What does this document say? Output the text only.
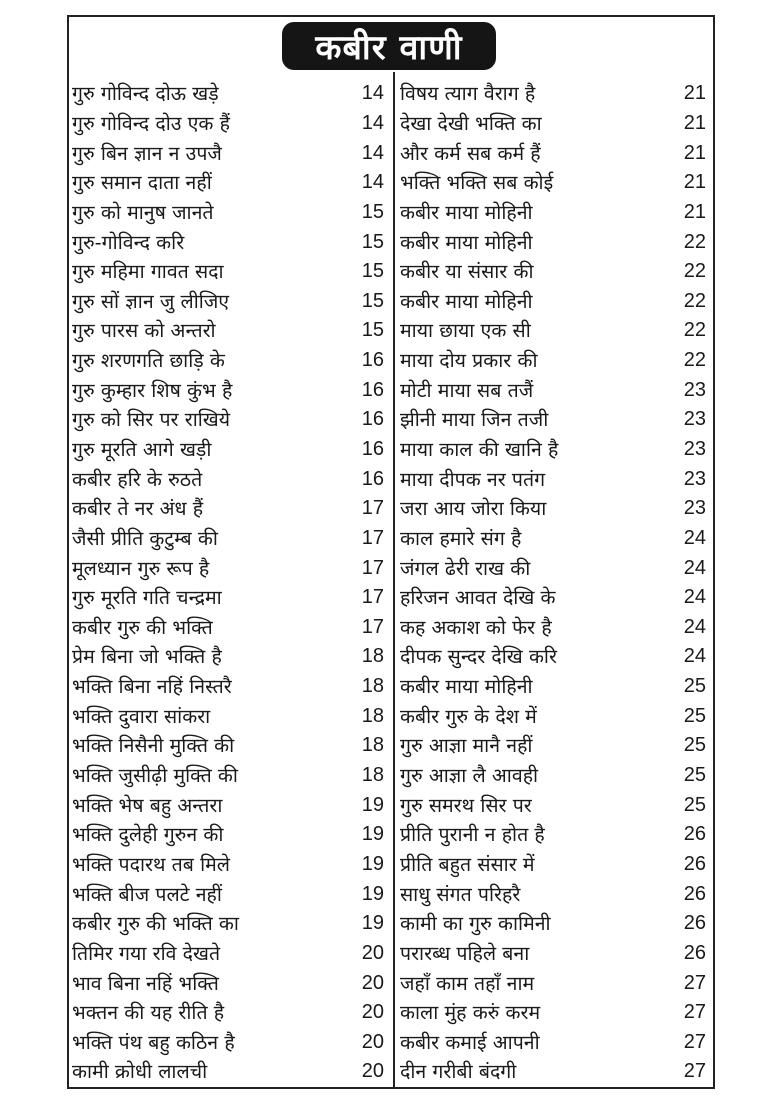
कबीर वाणी
गुरु गोविन्द दोऊ खड़े	14
गुरु गोविन्द दोउ एक हैं	14
गुरु बिन ज्ञान न उपजै	14
गुरु समान दाता नहीं	14
गुरु को मानुष जानते	15
गुरु-गोविन्द करि	15
गुरु महिमा गावत सदा	15
गुरु सों ज्ञान जु लीजिए	15
गुरु पारस को अन्तरो	15
गुरु शरणगति छाड़ि के	16
गुरु कुम्हार शिष कुंभ है	16
गुरु को सिर पर राखिये	16
गुरु मूरति आगे खड़ी	16
कबीर हरि के रुठते	16
कबीर ते नर अंध हैं	17
जैसी प्रीति कुटुम्ब की	17
मूलध्यान गुरु रूप है	17
गुरु मूरति गति चन्द्रमा	17
कबीर गुरु की भक्ति	17
प्रेम बिना जो भक्ति है	18
भक्ति बिना नहिं निस्तरै	18
भक्ति दुवारा सांकरा	18
भक्ति निसैनी मुक्ति की	18
भक्ति जुसीढ़ी मुक्ति की	18
भक्ति भेष बहु अन्तरा	19
भक्ति दुलेही गुरुन की	19
भक्ति पदारथ तब मिले	19
भक्ति बीज पलटे नहीं	19
कबीर गुरु की भक्ति का	19
तिमिर गया रवि देखते	20
भाव बिना नहिं भक्ति	20
भक्तन की यह रीति है	20
भक्ति पंथ बहु कठिन है	20
कामी क्रोधी लालची	20
विषय त्याग वैराग है	21
देखा देखी भक्ति का	21
और कर्म सब कर्म हैं	21
भक्ति भक्ति सब कोई	21
कबीर माया मोहिनी	21
कबीर माया मोहिनी	22
कबीर या संसार की	22
कबीर माया मोहिनी	22
माया छाया एक सी	22
माया दोय प्रकार की	22
मोटी माया सब तजैं	23
झीनी माया जिन तजी	23
माया काल की खानि है	23
माया दीपक नर पतंग	23
जरा आय जोरा किया	23
काल हमारे संग है	24
जंगल ढेरी राख की	24
हरिजन आवत देखि के	24
कह अकाश को फेर है	24
दीपक सुन्दर देखि करि	24
कबीर माया मोहिनी	25
कबीर गुरु के देश में	25
गुरु आज्ञा मानै नहीं	25
गुरु आज्ञा लै आवही	25
गुरु समरथ सिर पर	25
प्रीति पुरानी न होत है	26
प्रीति बहुत संसार में	26
साधु संगत परिहरै	26
कामी का गुरु कामिनी	26
परारब्ध पहिले बना	26
जहाँ काम तहाँ नाम	27
काला मुंह करुं करम	27
कबीर कमाई आपनी	27
दीन गरीबी बंदगी	27
